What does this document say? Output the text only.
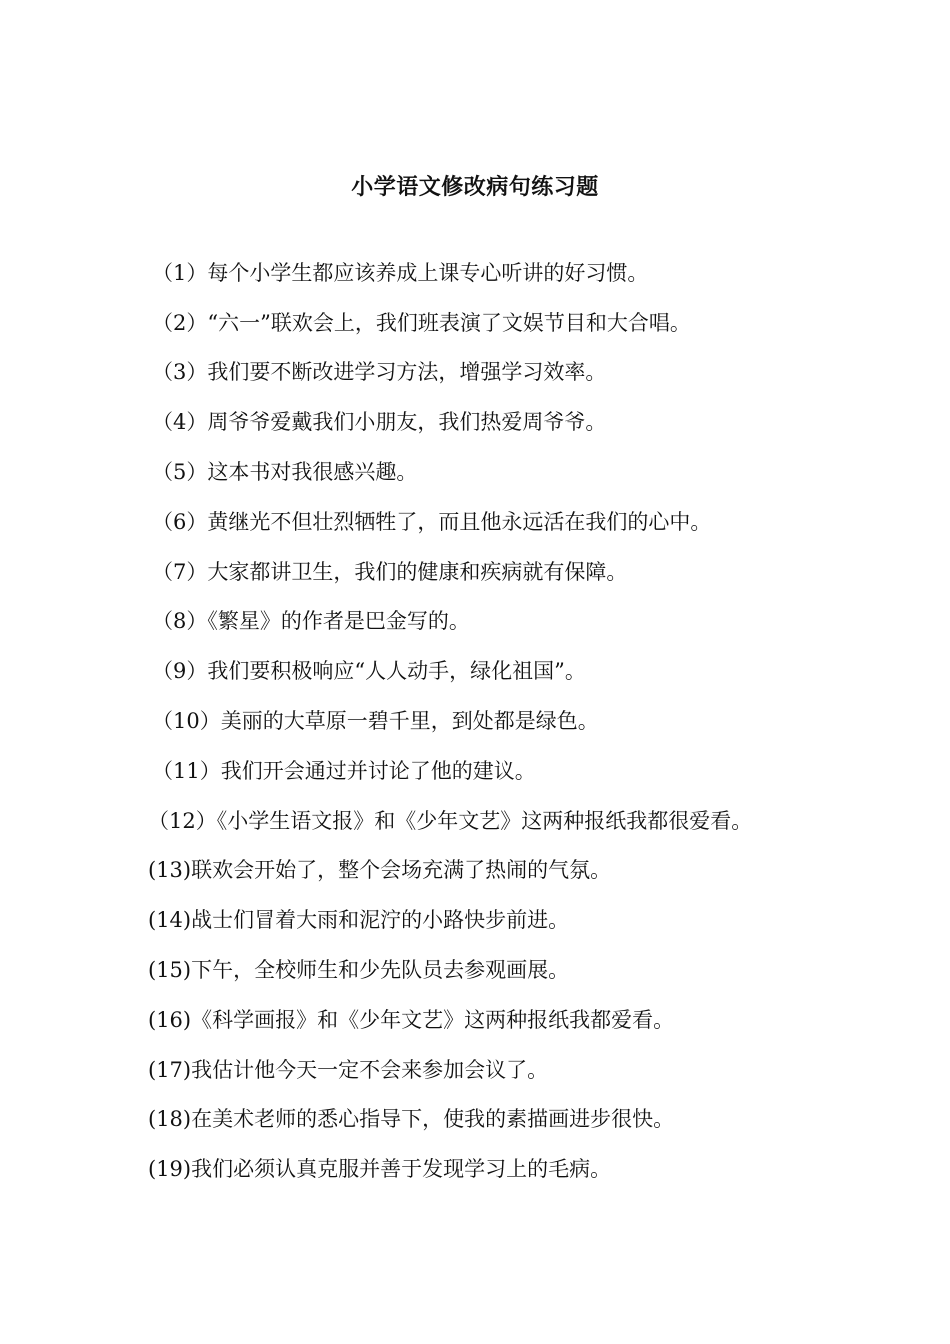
小学语文修改病句练习题
（1）每个小学生都应该养成上课专心听讲的好习惯。
（2）“六一”联欢会上，我们班表演了文娱节目和大合唱。
（3）我们要不断改进学习方法，增强学习效率。
（4）周爷爷爱戴我们小朋友，我们热爱周爷爷。
（5）这本书对我很感兴趣。
（6）黄继光不但壮烈牺牲了，而且他永远活在我们的心中。
（7）大家都讲卫生，我们的健康和疾病就有保障。
（8）《繁星》的作者是巴金写的。
（9）我们要积极响应“人人动手，绿化祖国”。
（10）美丽的大草原一碧千里，到处都是绿色。
（11）我们开会通过并讨论了他的建议。
（12）《小学生语文报》和《少年文艺》这两种报纸我都很爱看。
(13)联欢会开始了，整个会场充满了热闹的气氛。
(14)战士们冒着大雨和泥泞的小路快步前进。
(15)下午，全校师生和少先队员去参观画展。
(16)《科学画报》和《少年文艺》这两种报纸我都爱看。
(17)我估计他今天一定不会来参加会议了。
(18)在美术老师的悉心指导下，使我的素描画进步很快。
(19)我们必须认真克服并善于发现学习上的毛病。
